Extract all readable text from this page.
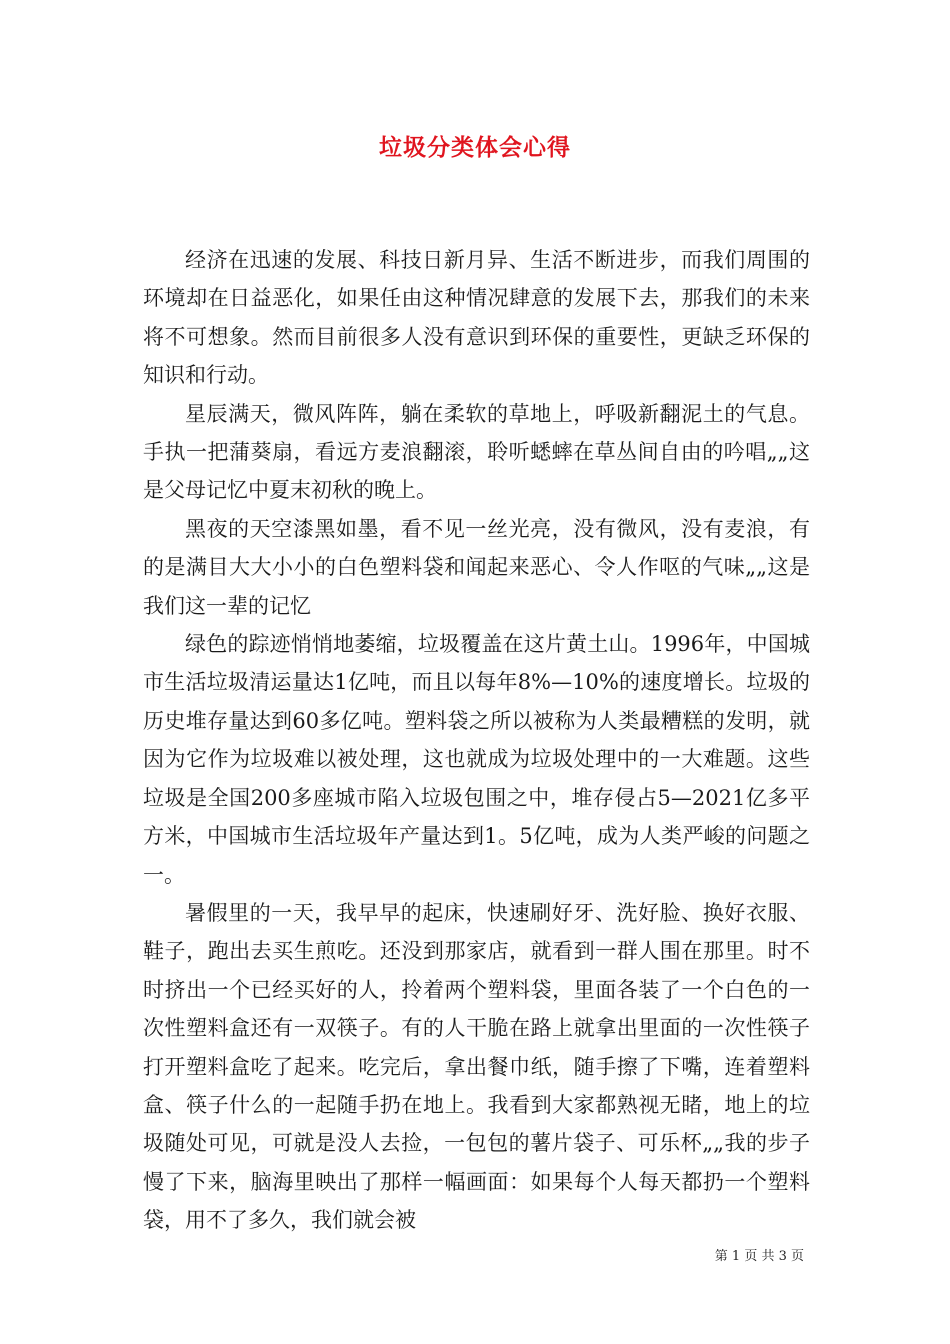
垃圾分类体会心得

经济在迅速的发展、科技日新月异、生活不断进步，而我们周围的环境却在日益恶化，如果任由这种情况肆意的发展下去，那我们的未来将不可想象。然而目前很多人没有意识到环保的重要性，更缺乏环保的知识和行动。

星辰满天，微风阵阵，躺在柔软的草地上，呼吸新翻泥土的气息。手执一把蒲葵扇，看远方麦浪翻滚，聆听蟋蟀在草丛间自由的吟唱„„这是父母记忆中夏末初秋的晚上。

黑夜的天空漆黑如墨，看不见一丝光亮，没有微风，没有麦浪，有的是满目大大小小的白色塑料袋和闻起来恶心、令人作呕的气味„„这是我们这一辈的记忆

绿色的踪迹悄悄地萎缩，垃圾覆盖在这片黄土山。1996年，中国城市生活垃圾清运量达1亿吨，而且以每年8%—10%的速度增长。垃圾的历史堆存量达到60多亿吨。塑料袋之所以被称为人类最糟糕的发明，就因为它作为垃圾难以被处理，这也就成为垃圾处理中的一大难题。这些垃圾是全国200多座城市陷入垃圾包围之中，堆存侵占5—2021亿多平方米，中国城市生活垃圾年产量达到1。5亿吨，成为人类严峻的问题之一。

暑假里的一天，我早早的起床，快速刷好牙、洗好脸、换好衣服、鞋子，跑出去买生煎吃。还没到那家店，就看到一群人围在那里。时不时挤出一个已经买好的人，拎着两个塑料袋，里面各装了一个白色的一次性塑料盒还有一双筷子。有的人干脆在路上就拿出里面的一次性筷子打开塑料盒吃了起来。吃完后，拿出餐巾纸，随手擦了下嘴，连着塑料盒、筷子什么的一起随手扔在地上。我看到大家都熟视无睹，地上的垃圾随处可见，可就是没人去捡，一包包的薯片袋子、可乐杯„„我的步子慢了下来，脑海里映出了那样一幅画面：如果每个人每天都扔一个塑料袋，用不了多久，我们就会被

第 1 页 共 3 页
